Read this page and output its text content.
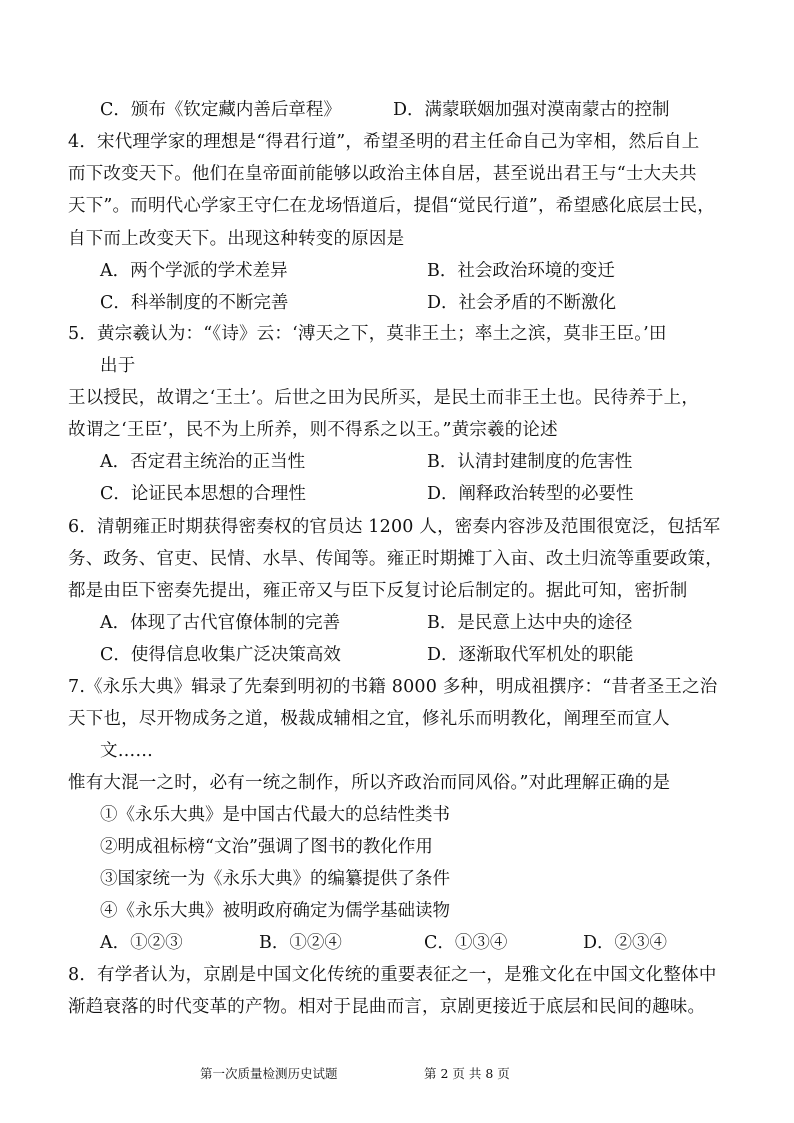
C．颁布《钦定藏内善后章程》	D．满蒙联姻加强对漠南蒙古的控制
4．宋代理学家的理想是“得君行道”，希望圣明的君主任命自己为宰相，然后自上
而下改变天下。他们在皇帝面前能够以政治主体自居，甚至说出君王与“士大夫共
天下”。而明代心学家王守仁在龙场悟道后，提倡“觉民行道”，希望感化底层士民，
自下而上改变天下。出现这种转变的原因是
A．两个学派的学术差异	B．社会政治环境的变迁
C．科举制度的不断完善	D．社会矛盾的不断激化
5．黄宗羲认为：“《诗》云：‘溥天之下，莫非王土；率土之滨，莫非王臣。’田
出于
王以授民，故谓之‘王土’。后世之田为民所买，是民土而非王土也。民待养于上，
故谓之‘王臣’，民不为上所养，则不得系之以王。”黄宗羲的论述
A．否定君主统治的正当性	B．认清封建制度的危害性
C．论证民本思想的合理性	D．阐释政治转型的必要性
6．清朝雍正时期获得密奏权的官员达 1200 人，密奏内容涉及范围很宽泛，包括军
务、政务、官吏、民情、水旱、传闻等。雍正时期摊丁入亩、改土归流等重要政策，
都是由臣下密奏先提出，雍正帝又与臣下反复讨论后制定的。据此可知，密折制
A．体现了古代官僚体制的完善	B．是民意上达中央的途径
C．使得信息收集广泛决策高效	D．逐渐取代军机处的职能
7.《永乐大典》辑录了先秦到明初的书籍 8000 多种，明成祖撰序：“昔者圣王之治
天下也，尽开物成务之道，极裁成辅相之宜，修礼乐而明教化，阐理至而宣人
文……
惟有大混一之时，必有一统之制作，所以齐政治而同风俗。”对此理解正确的是
①《永乐大典》是中国古代最大的总结性类书
②明成祖标榜“文治”强调了图书的教化作用
③国家统一为《永乐大典》的编纂提供了条件
④《永乐大典》被明政府确定为儒学基础读物
A．①②③	B．①②④	C．①③④	D．②③④
8．有学者认为，京剧是中国文化传统的重要表征之一，是雅文化在中国文化整体中
渐趋衰落的时代变革的产物。相对于昆曲而言，京剧更接近于底层和民间的趣味。
第一次质量检测历史试题	第 2 页 共 8 页
